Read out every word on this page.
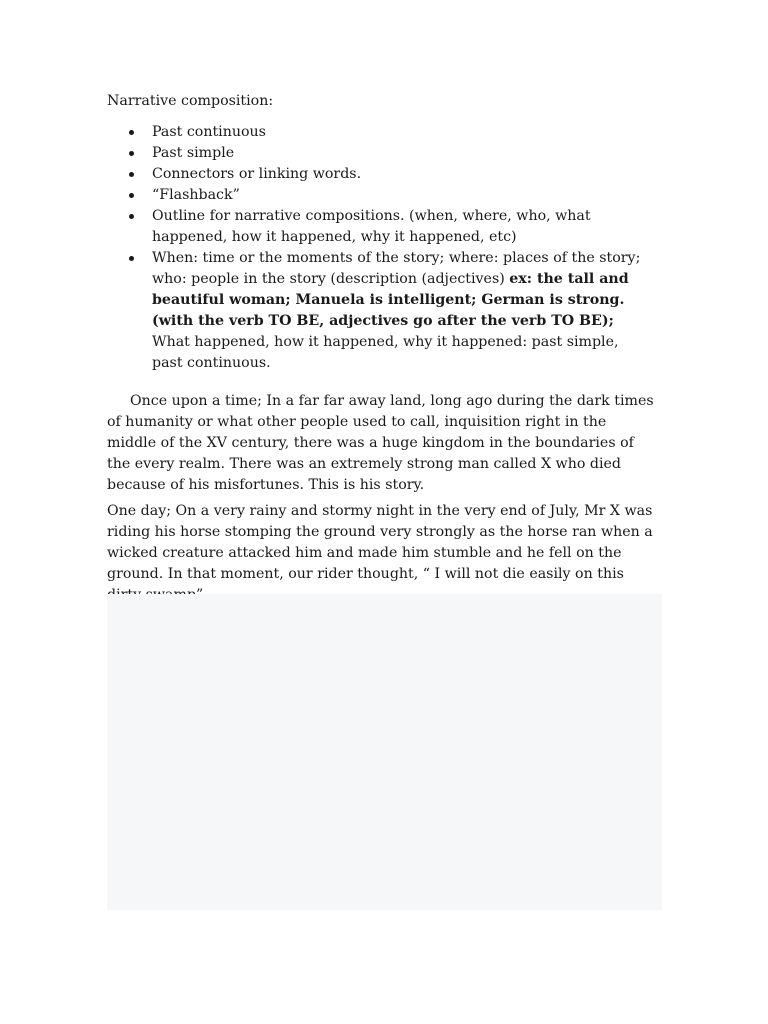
Narrative composition:

Past continuous
Past simple
Connectors or linking words.
“Flashback”
Outline for narrative compositions. (when, where, who, what happened, how it happened, why it happened, etc)
When: time or the moments of the story; where: places of the story; who: people in the story (description (adjectives) ex: the tall and beautiful woman; Manuela is intelligent; German is strong. (with the verb TO BE, adjectives go after the verb TO BE); What happened, how it happened, why it happened: past simple, past continuous.

Once upon a time; In a far far away land, long ago during the dark times of humanity or what other people used to call, inquisition right in the middle of the XV century, there was a huge kingdom in the boundaries of the every realm. There was an extremely strong man called X who died because of his misfortunes. This is his story.

One day; On a very rainy and stormy night in the very end of July, Mr X was riding his horse stomping the ground very strongly as the horse ran when a wicked creature attacked him and made him stumble and he fell on the ground. In that moment, our rider thought, “ I will not die easily on this
